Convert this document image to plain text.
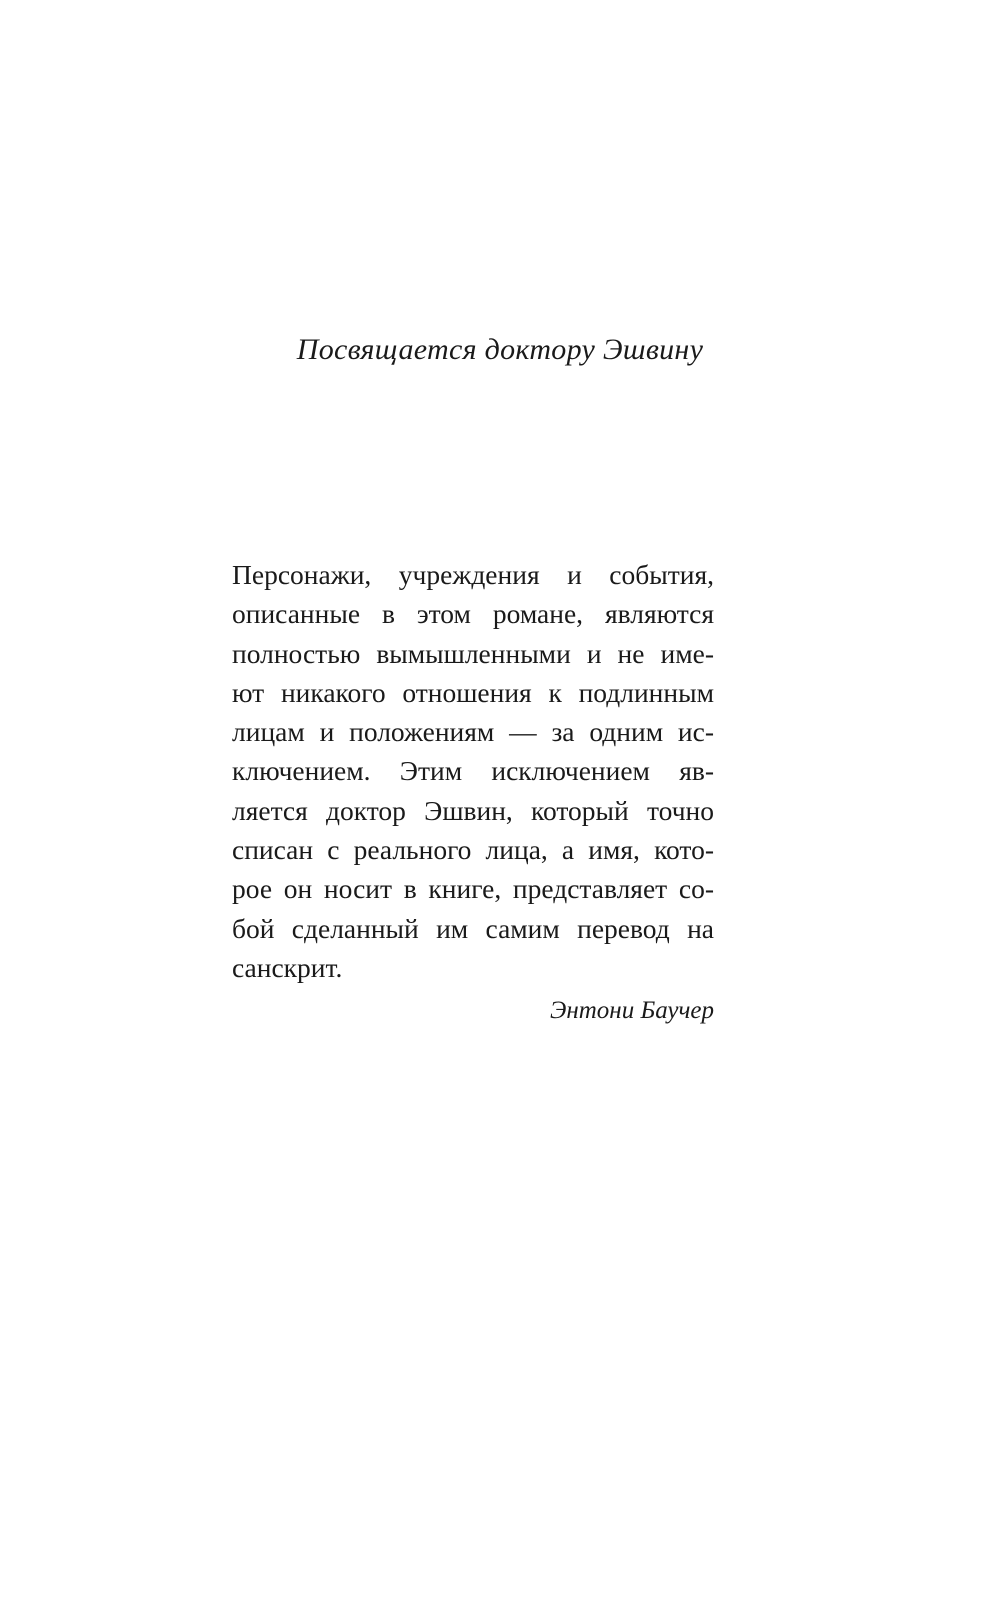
Посвящается доктору Эшвину
Персонажи, учреждения и события,
описанные в этом романе, являются
полностью вымышленными и не име-
ют никакого отношения к подлинным
лицам и положениям — за одним ис-
ключением. Этим исключением яв-
ляется доктор Эшвин, который точно
списан с реального лица, а имя, кото-
рое он носит в книге, представляет со-
бой сделанный им самим перевод на
санскрит.
Энтони Баучер
